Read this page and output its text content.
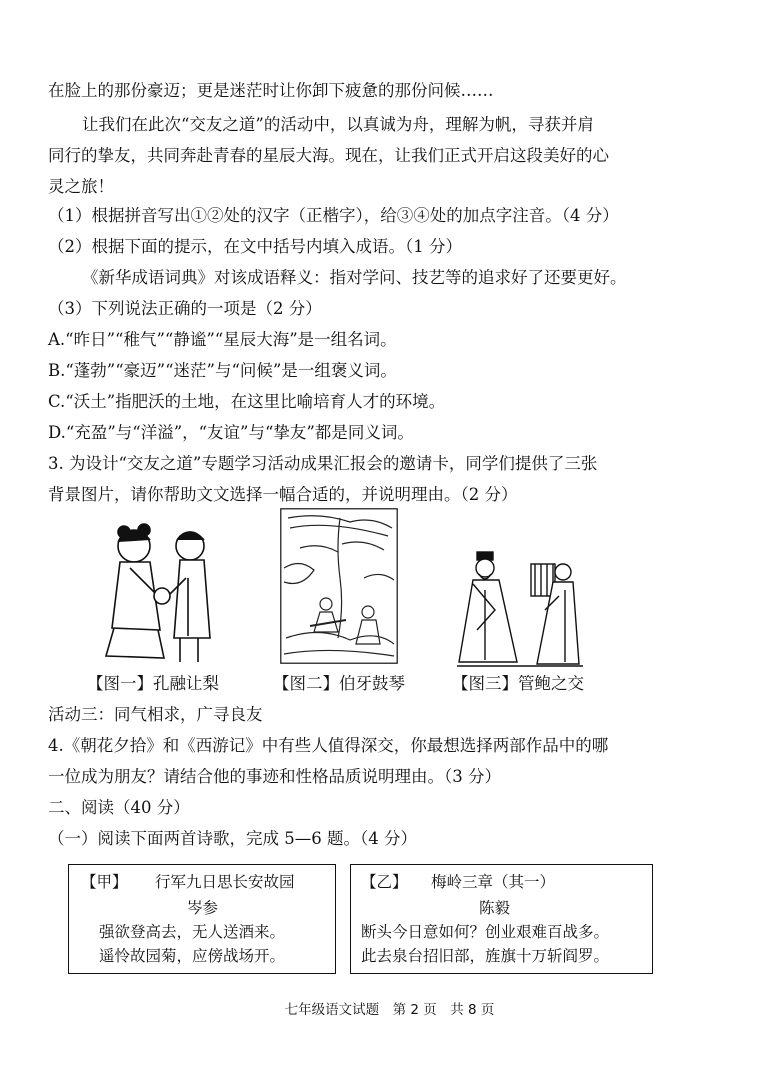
在脸上的那份豪迈；更是迷茫时让你卸下疲惫的那份问候……
让我们在此次“交友之道”的活动中，以真诚为舟，理解为帆，寻获并肩
同行的挚友，共同奔赴青春的星辰大海。现在，让我们正式开启这段美好的心
灵之旅！
（1）根据拼音写出①②处的汉字（正楷字），给③④处的加点字注音。（4 分）
（2）根据下面的提示，在文中括号内填入成语。（1 分）
《新华成语词典》对该成语释义：指对学问、技艺等的追求好了还要更好。
（3）下列说法正确的一项是（2 分）
A.“昨日”“稚气”“静谧”“星辰大海”是一组名词。
B.“蓬勃”“豪迈”“迷茫”与“问候”是一组褒义词。
C.“沃土”指肥沃的土地，在这里比喻培育人才的环境。
D.“充盈”与“洋溢”，“友谊”与“挚友”都是同义词。
3. 为设计“交友之道”专题学习活动成果汇报会的邀请卡，同学们提供了三张
背景图片，请你帮助文文选择一幅合适的，并说明理由。（2 分）
【图一】孔融让梨	【图二】伯牙鼓琴	【图三】管鲍之交
活动三：同气相求，广寻良友
4.《朝花夕拾》和《西游记》中有些人值得深交，你最想选择两部作品中的哪
一位成为朋友？请结合他的事迹和性格品质说明理由。（3 分）
二、阅读（40 分）
（一）阅读下面两首诗歌，完成 5—6 题。（4 分）
【甲】 行军九日思长安故园
岑参
强欲登高去，无人送酒来。
遥怜故园菊，应傍战场开。
【乙】 梅岭三章（其一）
陈毅
断头今日意如何？创业艰难百战多。
此去泉台招旧部，旌旗十万斩阎罗。
七年级语文试题　第 2 页　共 8 页
